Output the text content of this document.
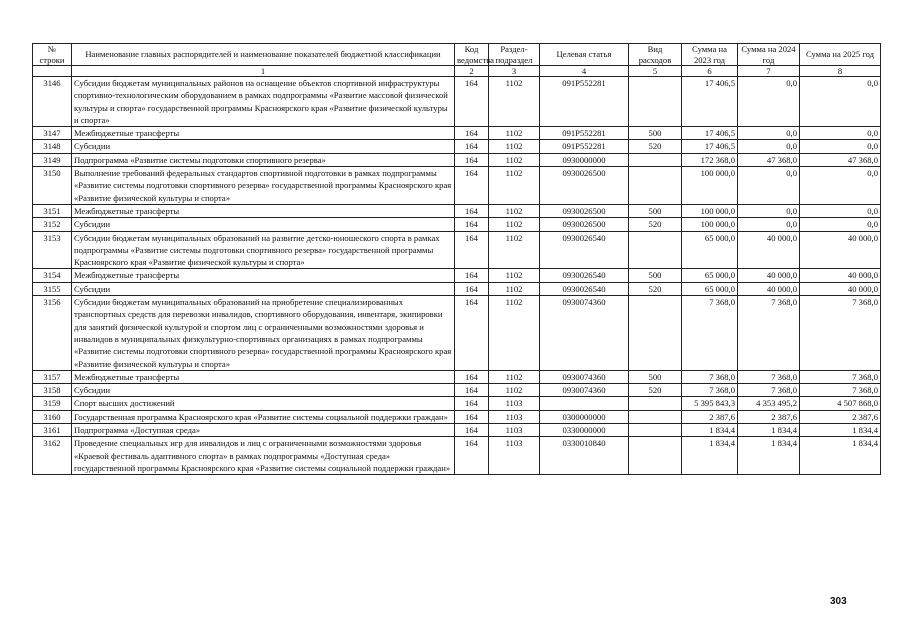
№ строки	Наименование главных распорядителей и наименование показателей бюджетной классификации	Код ведомства	Раздел-подраздел	Целевая статья	Вид расходов	Сумма на 2023 год	Сумма на 2024 год	Сумма на 2025 год
	1	2	3	4	5	6	7	8
3146	Субсидии бюджетам муниципальных районов на оснащение объектов спортивной инфраструктуры спортивно-технологическим оборудованием в рамках подпрограммы «Развитие массовой физической культуры и спорта» государственной программы Красноярского края «Развитие физической культуры и спорта»	164	1102	091P552281		17 406,5	0,0	0,0
3147	Межбюджетные трансферты	164	1102	091P552281	500	17 406,5	0,0	0,0
3148	Субсидии	164	1102	091P552281	520	17 406,5	0,0	0,0
3149	Подпрограмма «Развитие системы подготовки спортивного резерва»	164	1102	0930000000		172 368,0	47 368,0	47 368,0
3150	Выполнение требований федеральных стандартов спортивной подготовки в рамках подпрограммы «Развитие системы подготовки спортивного резерва» государственной программы Красноярского края «Развитие физической культуры и спорта»	164	1102	0930026500		100 000,0	0,0	0,0
3151	Межбюджетные трансферты	164	1102	0930026500	500	100 000,0	0,0	0,0
3152	Субсидии	164	1102	0930026500	520	100 000,0	0,0	0,0
3153	Субсидии бюджетам муниципальных образований на развитие детско-юношеского спорта в рамках подпрограммы «Развитие системы подготовки спортивного резерва» государственной программы Красноярского края «Развитие физической культуры и спорта»	164	1102	0930026540		65 000,0	40 000,0	40 000,0
3154	Межбюджетные трансферты	164	1102	0930026540	500	65 000,0	40 000,0	40 000,0
3155	Субсидии	164	1102	0930026540	520	65 000,0	40 000,0	40 000,0
3156	Субсидии бюджетам муниципальных образований на приобретение специализированных транспортных средств для перевозки инвалидов, спортивного оборудования, инвентаря, экипировки для занятий физической культурой и спортом лиц с ограниченными возможностями здоровья и инвалидов в муниципальных физкультурно-спортивных организациях в рамках подпрограммы «Развитие системы подготовки спортивного резерва» государственной программы Красноярского края «Развитие физической культуры и спорта»	164	1102	0930074360		7 368,0	7 368,0	7 368,0
3157	Межбюджетные трансферты	164	1102	0930074360	500	7 368,0	7 368,0	7 368,0
3158	Субсидии	164	1102	0930074360	520	7 368,0	7 368,0	7 368,0
3159	Спорт высших достижений	164	1103			5 395 843,3	4 353 495,2	4 507 868,0
3160	Государственная программа Красноярского края «Развитие системы социальной поддержки граждан»	164	1103	0300000000		2 387,6	2 387,6	2 387,6
3161	Подпрограмма «Доступная среда»	164	1103	0330000000		1 834,4	1 834,4	1 834,4
3162	Проведение специальных игр для инвалидов и лиц с ограниченными возможностями здоровья «Краевой фестиваль адаптивного спорта» в рамках подпрограммы «Доступная среда» государственной программы Красноярского края «Развитие системы социальной поддержки граждан»	164	1103	0330010840		1 834,4	1 834,4	1 834,4
303
